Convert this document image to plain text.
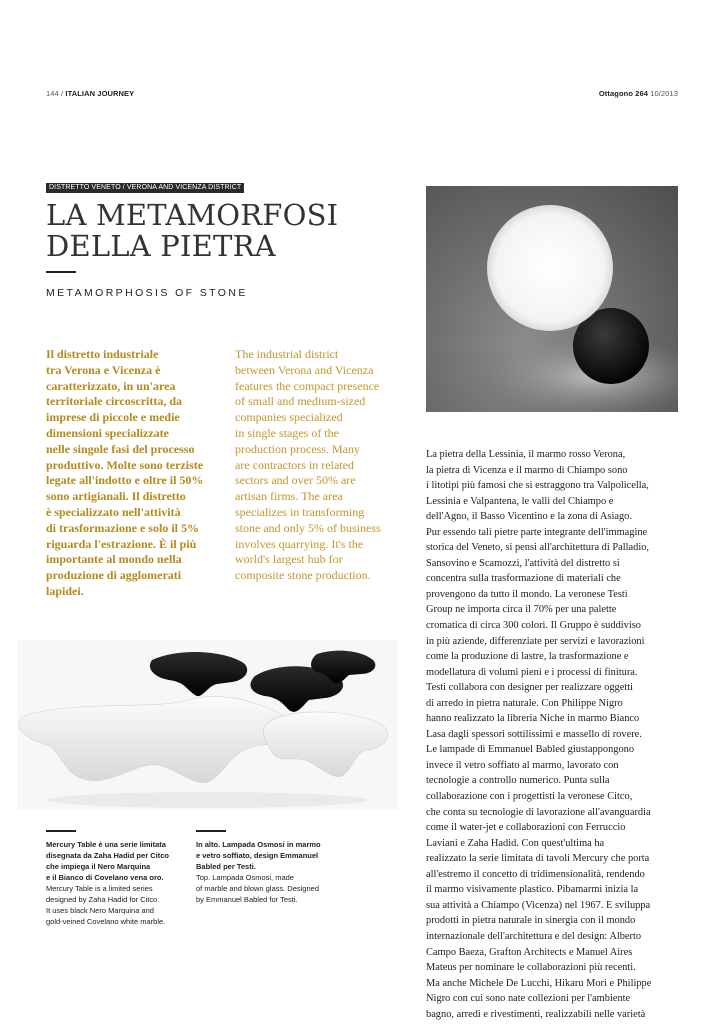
144 / ITALIAN JOURNEY	Ottagono 264 10/2013
DISTRETTO VENETO / VERONA AND VICENZA DISTRICT
LA METAMORFOSI
DELLA PIETRA
METAMORPHOSIS OF STONE
Il distretto industriale
tra Verona e Vicenza è
caratterizzato, in un'area
territoriale circoscritta, da
imprese di piccole e medie
dimensioni specializzate
nelle singole fasi del processo
produttivo. Molte sono terziste
legate all'indotto e oltre il 50%
sono artigianali. Il distretto
è specializzato nell'attività
di trasformazione e solo il 5%
riguarda l'estrazione. È il più
importante al mondo nella
produzione di agglomerati
lapidei.
The industrial district
between Verona and Vicenza
features the compact presence
of small and medium-sized
companies specialized
in single stages of the
production process. Many
are contractors in related
sectors and over 50% are
artisan firms. The area
specializes in transforming
stone and only 5% of business
involves quarrying. It's the
world's largest hub for
composite stone production.
Mercury Table è una serie limitata
disegnata da Zaha Hadid per Citco
che impiega il Nero Marquina
e il Bianco di Covelano vena oro.
Mercury Table is a limited series
designed by Zaha Hadid for Citco.
It uses black Nero Marquina and
gold-veined Covelano white marble.
In alto. Lampada Osmosi in marmo
e vetro soffiato, design Emmanuel
Babled per Testi.
Top. Lampada Osmosi, made
of marble and blown glass. Designed
by Emmanuel Babled for Testi.
La pietra della Lessinia, il marmo rosso Verona,
la pietra di Vicenza e il marmo di Chiampo sono
i litotipi più famosi che si estraggono tra Valpolicella,
Lessinia e Valpantena, le valli del Chiampo e
dell'Agno, il Basso Vicentino e la zona di Asiago.
Pur essendo tali pietre parte integrante dell'immagine
storica del Veneto, si pensi all'architettura di Palladio,
Sansovino e Scamozzi, l'attività del distretto si
concentra sulla trasformazione di materiali che
provengono da tutto il mondo. La veronese Testi
Group ne importa circa il 70% per una palette
cromatica di circa 300 colori. Il Gruppo è suddiviso
in più aziende, differenziate per servizi e lavorazioni
come la produzione di lastre, la trasformazione e
modellatura di volumi pieni e i processi di finitura.
Testi collabora con designer per realizzare oggetti
di arredo in pietra naturale. Con Philippe Nigro
hanno realizzato la libreria Niche in marmo Bianco
Lasa dagli spessori sottilissimi e massello di rovere.
Le lampade di Emmanuel Babled giustappongono
invece il vetro soffiato al marmo, lavorato con
tecnologie a controllo numerico. Punta sulla
collaborazione con i progettisti la veronese Citco,
che conta su tecnologie di lavorazione all'avanguardia
come il water-jet e collaborazioni con Ferruccio
Laviani e Zaha Hadid. Con quest'ultima ha
realizzato la serie limitata di tavoli Mercury che porta
all'estremo il concetto di tridimensionalità, rendendo
il marmo visivamente plastico. Pibamarmi inizia la
sua attività a Chiampo (Vicenza) nel 1967. E sviluppa
prodotti in pietra naturale in sinergia con il mondo
internazionale dell'architettura e del design: Alberto
Campo Baeza, Grafton Architects e Manuel Aires
Mateus per nominare le collaborazioni più recenti.
Ma anche Michele De Lucchi, Hikaru Mori e Philippe
Nigro con cui sono nate collezioni per l'ambiente
bagno, arredi e rivestimenti, realizzabili nelle varietà
